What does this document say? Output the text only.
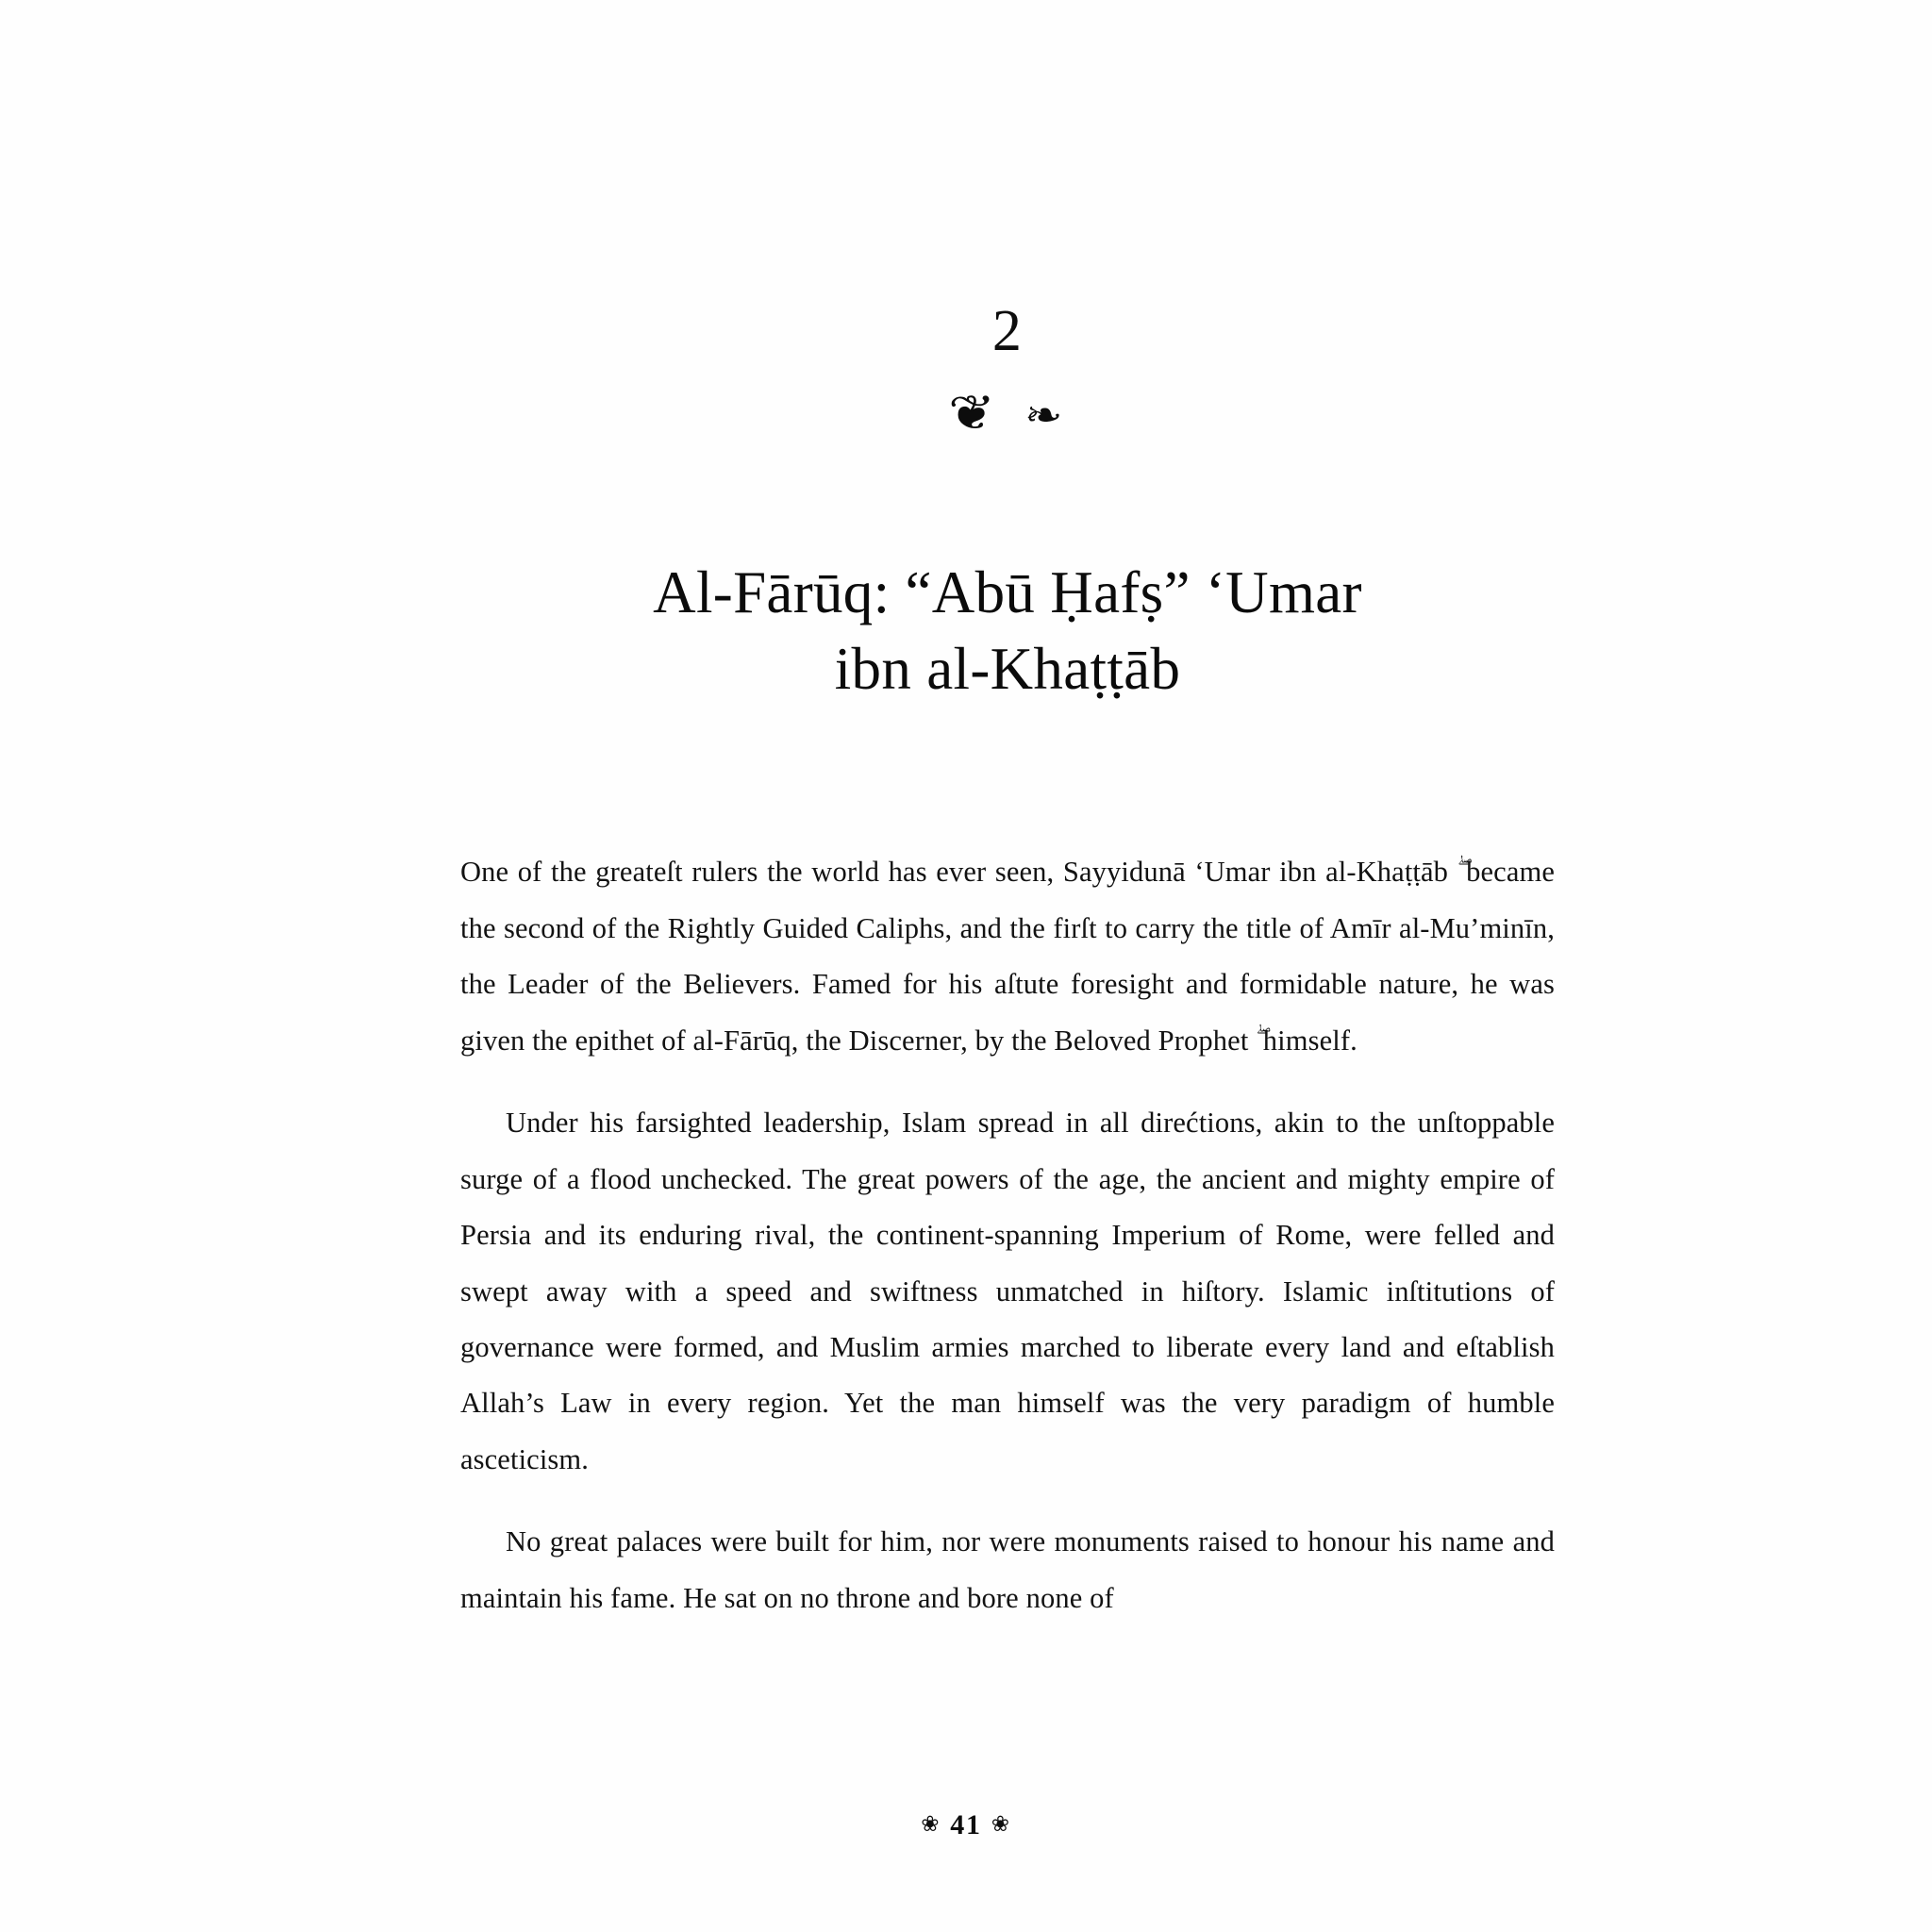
2
❦ ❧
Al-Fārūq: “Abū Ḥafṣ” ʻUmar
ibn al-Khaṭṭāb

One of the greateſt rulers the world has ever seen, Sayyidunā ʻUmar ibn al-Khaṭṭāb ۖ became the second of the Rightly Guided Caliphs, and the firſt to carry the title of Amīr al-Mu’minīn, the Leader of the Believers. Famed for his aſtute foresight and formidable nature, he was given the epithet of al-Fārūq, the Discerner, by the Beloved Prophet ۖ himself.

Under his farsighted leadership, Islam spread in all direćtions, akin to the unſtoppable surge of a flood unchecked. The great powers of the age, the ancient and mighty empire of Persia and its enduring rival, the continent-spanning Imperium of Rome, were felled and swept away with a speed and swiftness unmatched in hiſtory. Islamic inſtitutions of governance were formed, and Muslim armies marched to liberate every land and eſtablish Allah’s Law in every region. Yet the man himself was the very paradigm of humble asceticism.

No great palaces were built for him, nor were monuments raised to honour his name and maintain his fame. He sat on no throne and bore none of

❀ 41 ❀
